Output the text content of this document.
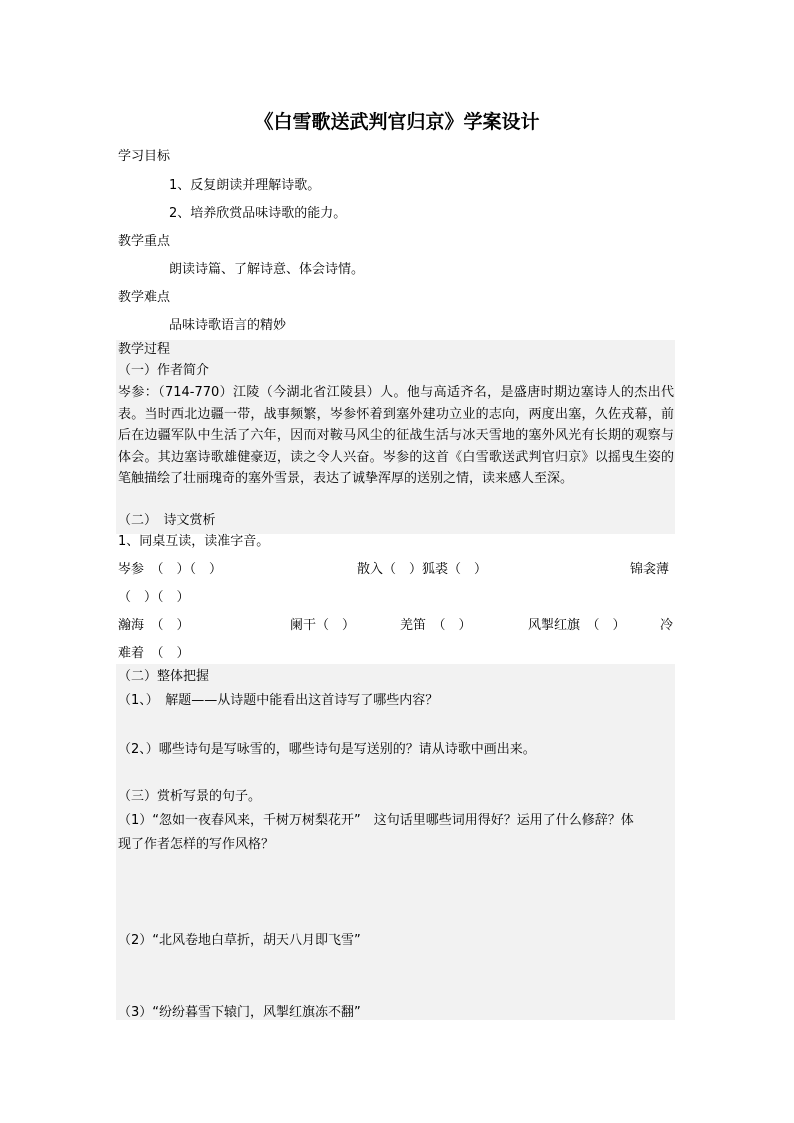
《白雪歌送武判官归京》学案设计
学习目标
1、反复朗读并理解诗歌。
2、培养欣赏品味诗歌的能力。
教学重点
朗读诗篇、了解诗意、体会诗情。
教学难点
品味诗歌语言的精妙
教学过程
（一）作者简介
岑参：（714-770）江陵（今湖北省江陵县）人。他与高适齐名，是盛唐时期边塞诗人的杰出代表。当时西北边疆一带，战事频繁，岑参怀着到塞外建功立业的志向，两度出塞，久佐戎幕，前后在边疆军队中生活了六年，因而对鞍马风尘的征战生活与冰天雪地的塞外风光有长期的观察与体会。其边塞诗歌雄健豪迈，读之令人兴奋。岑参的这首《白雪歌送武判官归京》以摇曳生姿的笔触描绘了壮丽瑰奇的塞外雪景，表达了诚挚浑厚的送别之情，读来感人至深。
（二）　诗文赏析
1、同桌互读，读准字音。
岑参　（　）（　）	散入（　）狐裘（　）	锦衾薄
（　）（　）
瀚海　（　）	阑干（　）	羌笛　（　）	风掣红旗　（　）	冷
难着　（　）
（二）整体把握
（1、）　解题——从诗题中能看出这首诗写了哪些内容？
（2、）哪些诗句是写咏雪的，哪些诗句是写送别的？请从诗歌中画出来。
（三）赏析写景的句子。
（1）“忽如一夜春风来，千树万树梨花开”　这句话里哪些词用得好？运用了什么修辞？体
现了作者怎样的写作风格？
（2）“北风卷地白草折，胡天八月即飞雪”
（3）“纷纷暮雪下辕门，风掣红旗冻不翻”
